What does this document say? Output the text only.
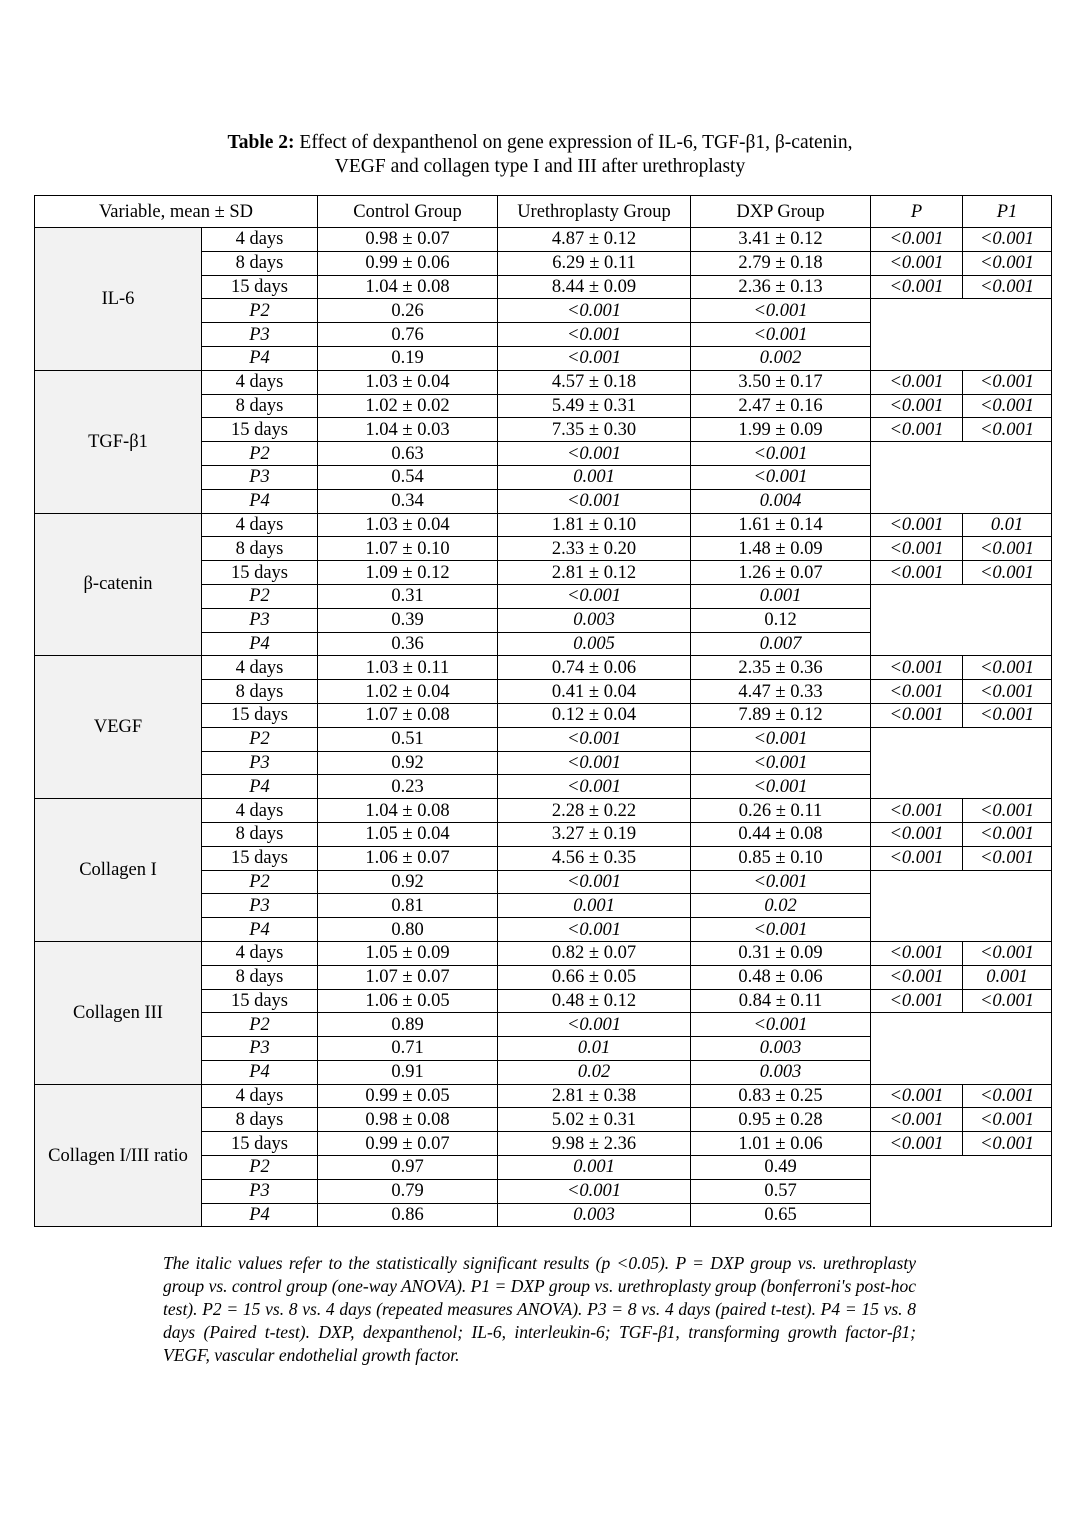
Table 2: Effect of dexpanthenol on gene expression of IL-6, TGF-β1, β-catenin,
VEGF and collagen type I and III after urethroplasty
Variable, mean ± SD		Control Group	Urethroplasty Group	DXP Group	P	P1
IL-6	4 days	0.98 ± 0.07	4.87 ± 0.12	3.41 ± 0.12	<0.001	<0.001
	8 days	0.99 ± 0.06	6.29 ± 0.11	2.79 ± 0.18	<0.001	<0.001
	15 days	1.04 ± 0.08	8.44 ± 0.09	2.36 ± 0.13	<0.001	<0.001
	P2	0.26	<0.001	<0.001		
	P3	0.76	<0.001	<0.001		
	P4	0.19	<0.001	0.002		
TGF-β1	4 days	1.03 ± 0.04	4.57 ± 0.18	3.50 ± 0.17	<0.001	<0.001
	8 days	1.02 ± 0.02	5.49 ± 0.31	2.47 ± 0.16	<0.001	<0.001
	15 days	1.04 ± 0.03	7.35 ± 0.30	1.99 ± 0.09	<0.001	<0.001
	P2	0.63	<0.001	<0.001		
	P3	0.54	0.001	<0.001		
	P4	0.34	<0.001	0.004		
β-catenin	4 days	1.03 ± 0.04	1.81 ± 0.10	1.61 ± 0.14	<0.001	0.01
	8 days	1.07 ± 0.10	2.33 ± 0.20	1.48 ± 0.09	<0.001	<0.001
	15 days	1.09 ± 0.12	2.81 ± 0.12	1.26 ± 0.07	<0.001	<0.001
	P2	0.31	<0.001	0.001		
	P3	0.39	0.003	0.12		
	P4	0.36	0.005	0.007		
VEGF	4 days	1.03 ± 0.11	0.74 ± 0.06	2.35 ± 0.36	<0.001	<0.001
	8 days	1.02 ± 0.04	0.41 ± 0.04	4.47 ± 0.33	<0.001	<0.001
	15 days	1.07 ± 0.08	0.12 ± 0.04	7.89 ± 0.12	<0.001	<0.001
	P2	0.51	<0.001	<0.001		
	P3	0.92	<0.001	<0.001		
	P4	0.23	<0.001	<0.001		
Collagen I	4 days	1.04 ± 0.08	2.28 ± 0.22	0.26 ± 0.11	<0.001	<0.001
	8 days	1.05 ± 0.04	3.27 ± 0.19	0.44 ± 0.08	<0.001	<0.001
	15 days	1.06 ± 0.07	4.56 ± 0.35	0.85 ± 0.10	<0.001	<0.001
	P2	0.92	<0.001	<0.001		
	P3	0.81	0.001	0.02		
	P4	0.80	<0.001	<0.001		
Collagen III	4 days	1.05 ± 0.09	0.82 ± 0.07	0.31 ± 0.09	<0.001	<0.001
	8 days	1.07 ± 0.07	0.66 ± 0.05	0.48 ± 0.06	<0.001	0.001
	15 days	1.06 ± 0.05	0.48 ± 0.12	0.84 ± 0.11	<0.001	<0.001
	P2	0.89	<0.001	<0.001		
	P3	0.71	0.01	0.003		
	P4	0.91	0.02	0.003		
Collagen I/III ratio	4 days	0.99 ± 0.05	2.81 ± 0.38	0.83 ± 0.25	<0.001	<0.001
	8 days	0.98 ± 0.08	5.02 ± 0.31	0.95 ± 0.28	<0.001	<0.001
	15 days	0.99 ± 0.07	9.98 ± 2.36	1.01 ± 0.06	<0.001	<0.001
	P2	0.97	0.001	0.49		
	P3	0.79	<0.001	0.57		
	P4	0.86	0.003	0.65		
The italic values refer to the statistically significant results (p <0.05). P = DXP group vs. urethroplasty group vs. control group (one-way ANOVA). P1 = DXP group vs. urethroplasty group (bonferroni's post-hoc test). P2 = 15 vs. 8 vs. 4 days (repeated measures ANOVA). P3 = 8 vs. 4 days (paired t-test). P4 = 15 vs. 8 days (Paired t-test). DXP, dexpanthenol; IL-6, interleukin-6; TGF-β1, transforming growth factor-β1; VEGF, vascular endothelial growth factor.
